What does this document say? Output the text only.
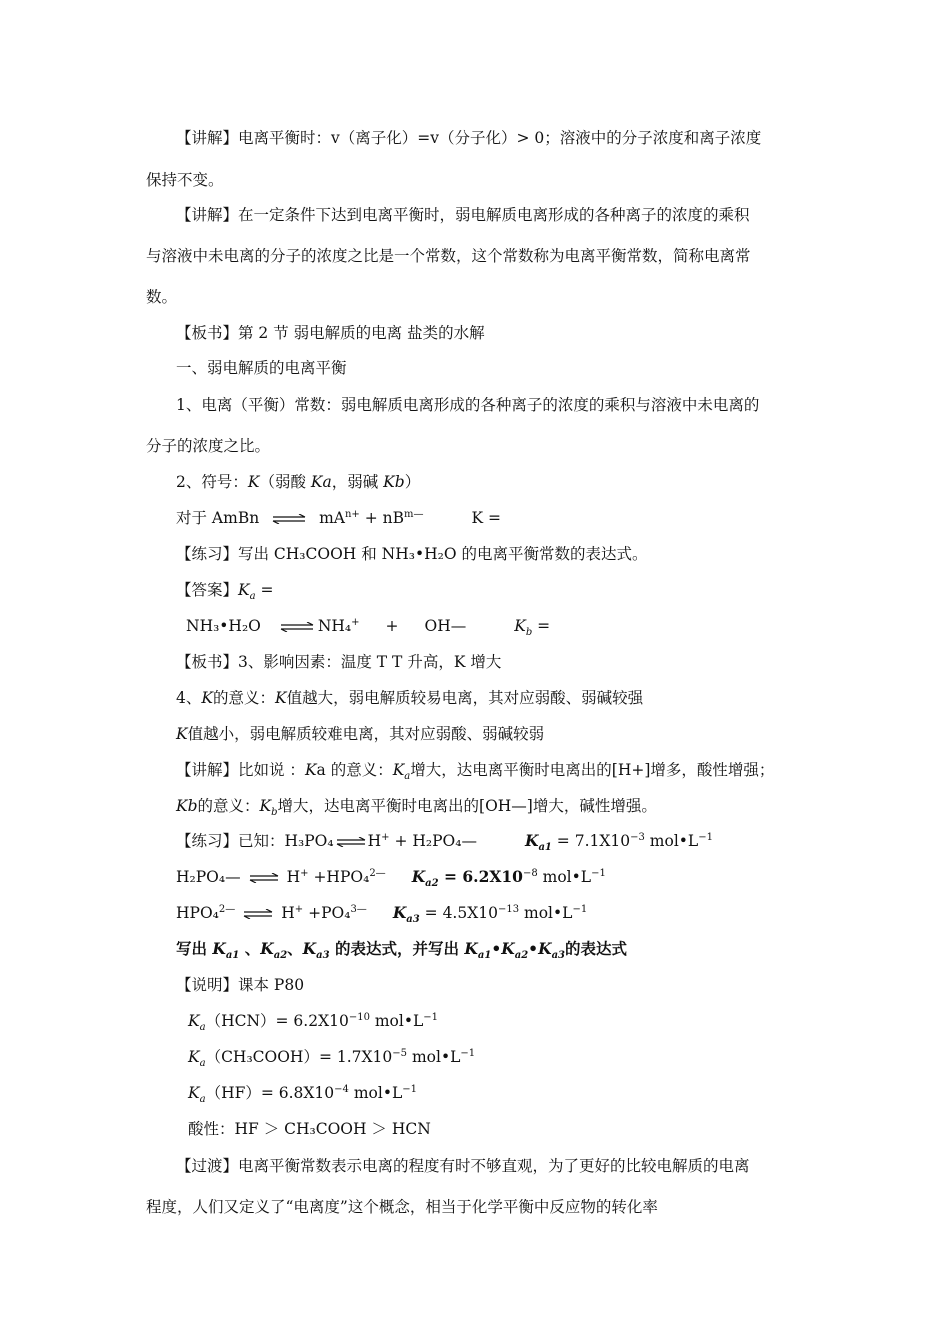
【讲解】电离平衡时：v（离子化）=v（分子化）> 0；溶液中的分子浓度和离子浓度
保持不变。
【讲解】在一定条件下达到电离平衡时，弱电解质电离形成的各种离子的浓度的乘积
与溶液中未电离的分子的浓度之比是一个常数，这个常数称为电离平衡常数，简称电离常
数。
【板书】第 2 节 弱电解质的电离 盐类的水解
一、弱电解质的电离平衡
1、电离（平衡）常数：弱电解质电离形成的各种离子的浓度的乘积与溶液中未电离的
分子的浓度之比。
2、符号：K（弱酸 Ka，弱碱 Kb）
对于 AmBn ⇌ $mA^{n+} + nB^{m—}$	K =
【练习】写出 CH₃COOH 和 NH₃•H₂O 的电离平衡常数的表达式。
【答案】$K_a$ =
NH₃•H₂O ⇌ NH₄+ + OH—	$K_b$ =
【板书】3、影响因素：温度 T T 升高，K 增大
4、K的意义：K值越大，弱电解质较易电离，其对应弱酸、弱碱较强
K值越小，弱电解质较难电离，其对应弱酸、弱碱较弱
【讲解】比如说 ：Ka 的意义：$K_a$增大，达电离平衡时电离出的[H+]增多，酸性增强；
Kb的意义：$K_b$增大，达电离平衡时电离出的[OH—]增大，碱性增强。
【练习】已知：H₃PO₄ ⇌ H+ + H₂PO₄—	$K_{a1} = 7.1X10^{-3}$ $mol•L^{-1}$
H₂PO₄— ⇌ H+ +HPO₄$^{2—}$ $K_{a2} = 6.2X10^{-8}$ $mol•L^{-1}$
HPO₄$^{2—}$ ⇌ H+ +PO₄$^{3—}$ $K_{a3} = 4.5X10^{-13}$ $mol•L^{-1}$
写出 $K_{a1}$ 、$K_{a2}$、$K_{a3}$ 的表达式，并写出 $K_{a1}•K_{a2}•K_{a3}$的表达式
【说明】课本 P80
$K_a(HCN)= 6.2X10^{-10}$ $mol•L^{-1}$
$K_a(CH_3COOH)= 1.7X10^{-5}$ $mol•L^{-1}$
$K_a(HF)= 6.8X10^{-4}$ $mol•L^{-1}$
酸性：HF ＞ CH₃COOH ＞ HCN
【过渡】电离平衡常数表示电离的程度有时不够直观，为了更好的比较电解质的电离
程度，人们又定义了“电离度”这个概念，相当于化学平衡中反应物的转化率
